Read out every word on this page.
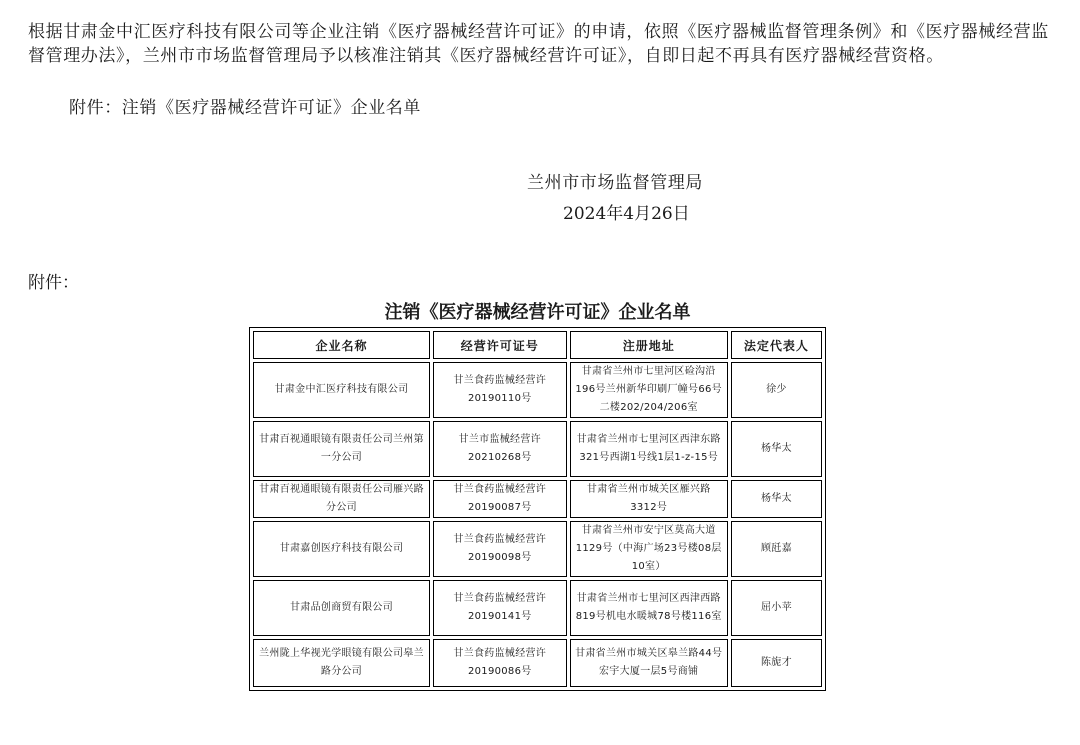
根据甘肃金中汇医疗科技有限公司等企业注销《医疗器械经营许可证》的申请，依照《医疗器械监督管理条例》和《医疗器械经营监督管理办法》，兰州市市场监督管理局予以核准注销其《医疗器械经营许可证》，自即日起不再具有医疗器械经营资格。

附件：注销《医疗器械经营许可证》企业名单
兰州市市场监督管理局
2024年4月26日
附件：
注销《医疗器械经营许可证》企业名单
企业名称	经营许可证号	注册地址	法定代表人
甘肃金中汇医疗科技有限公司	甘兰食药监械经营许20190110号	甘肃省兰州市七里河区硷沟沿196号兰州新华印刷厂幢号66号二楼202/204/206室	徐少
甘肃百视通眼镜有限责任公司兰州第一分公司	甘兰市监械经营许20210268号	甘肃省兰州市七里河区西津东路321号西湖1号线1层1-z-15号	杨华太
甘肃百视通眼镜有限责任公司雁兴路分公司	甘兰食药监械经营许20190087号	甘肃省兰州市城关区雁兴路3312号	杨华太
甘肃嘉创医疗科技有限公司	甘兰食药监械经营许20190098号	甘肃省兰州市安宁区莫高大道1129号（中海广场23号楼08层10室）	顾瓩嘉
甘肃品创商贸有限公司	甘兰食药监械经营许20190141号	甘肃省兰州市七里河区西津西路819号机电水暖城78号楼116室	屈小苹
兰州陇上华视光学眼镜有限公司皋兰路分公司	甘兰食药监械经营许20190086号	甘肃省兰州市城关区皋兰路44号宏宇大厦一层5号商铺	陈旎才
